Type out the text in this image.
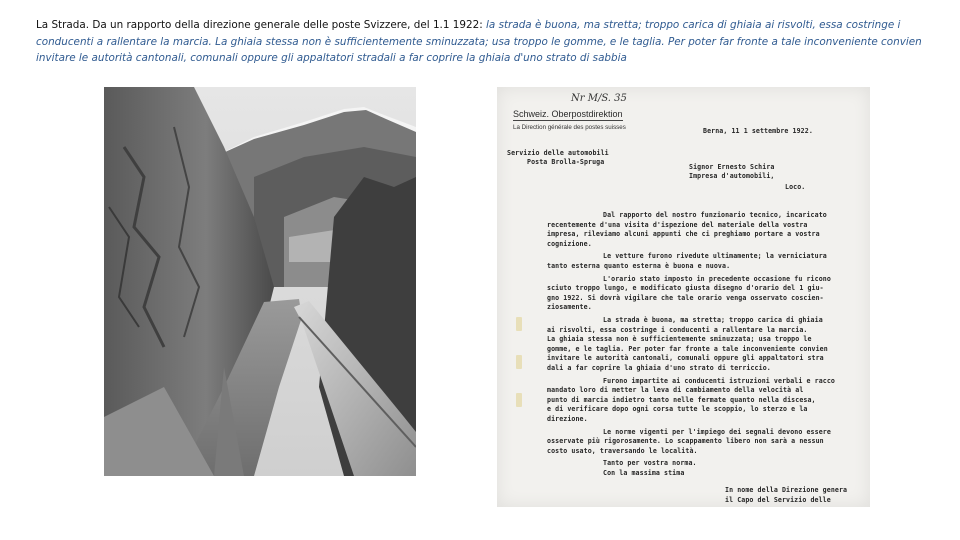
La Strada. Da un rapporto della direzione generale delle poste Svizzere, del 1.1 1922: la strada è buona, ma stretta; troppo carica di ghiaia ai risvolti, essa costringe i conducenti a rallentare la marcia. La ghiaia stessa non è sufficientemente sminuzzata; usa troppo le gomme, e le taglia. Per poter far fronte a tale inconveniente convien invitare le autorità cantonali, comunali oppure gli appaltatori stradali a far coprire la ghiaia d'uno strato di sabbia
Nr M/S. 35
Schweiz. Oberpostdirektion
La Direction générale des postes suisses	Berna, 11 1 settembre 1922.
Servizio delle automobili
Posta Brolla-Spruga
Signor Ernesto Schira
Impresa d'automobili,
Loco.
Dal rapporto del nostro funzionario tecnico, incaricato
recentemente d'una visita d'ispezione del materiale della vostra
impresa, rileviamo alcuni appunti che ci preghiamo portare a vostra
cognizione.
Le vetture furono rivedute ultimamente; la verniciatura
tanto esterna quanto esterna è buona e nuova.
L'orario stato imposto in precedente occasione fu ricono
sciuto troppo lungo, e modificato giusta disegno d'orario del 1 giu-
gno 1922. Si dovrà vigilare che tale orario venga osservato coscien-
ziosamente.
La strada è buona, ma stretta; troppo carica di ghiaia
ai risvolti, essa costringe i conducenti a rallentare la marcia.
La ghiaia stessa non è sufficientemente sminuzzata; usa troppo le
gomme, e le taglia. Per poter far fronte a tale inconveniente convien
invitare le autorità cantonali, comunali oppure gli appaltatori stra
dali a far coprire la ghiaia d'uno strato di terriccio.
Furono impartite ai conducenti istruzioni verbali e racco
mandato loro di metter la leva di cambiamento della velocità al
punto di marcia indietro tanto nelle fermate quanto nella discesa,
e di verificare dopo ogni corsa tutte le scoppio, lo sterzo e la
direzione.
Le norme vigenti per l'impiego dei segnali devono essere
osservate più rigorosamente. Lo scappamento libero non sarà a nessun
costo usato, traversando le località.
Tanto per vostra norma.
Con la massima stima
In nome della Direzione genera
il Capo del Servizio delle
